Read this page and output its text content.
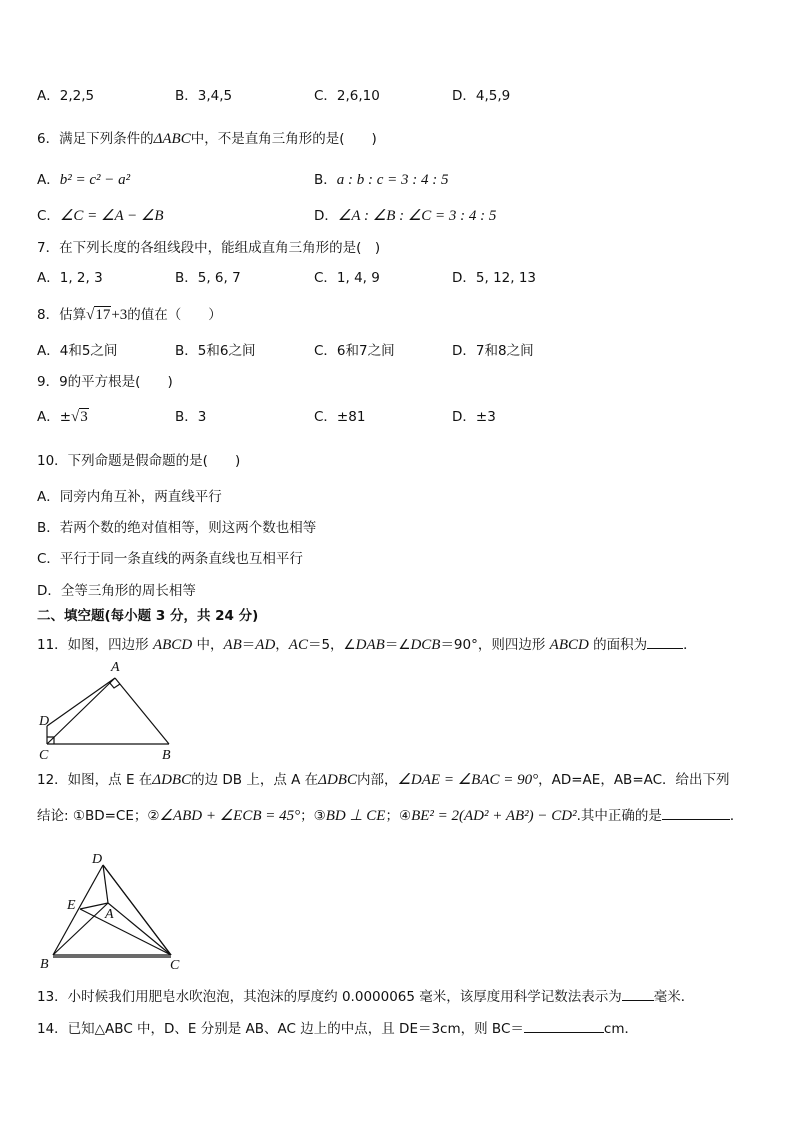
A．2,2,5	B．3,4,5	C．2,6,10	D．4,5,9
6．满足下列条件的ΔABC中，不是直角三角形的是(　　)
A．b² = c² − a²	B．a : b : c = 3 : 4 : 5
C．∠C = ∠A − ∠B	D．∠A : ∠B : ∠C = 3 : 4 : 5
7．在下列长度的各组线段中，能组成直角三角形的是(　)
A．1, 2, 3	B．5, 6, 7	C．1, 4, 9	D．5, 12, 13
8．估算√17+3的值在（　　）
A．4和5之间	B．5和6之间	C．6和7之间	D．7和8之间
9．9的平方根是(　　)
A．±√3	B．3	C．±81	D．±3
10．下列命题是假命题的是(　　)
A．同旁内角互补，两直线平行
B．若两个数的绝对值相等，则这两个数也相等
C．平行于同一条直线的两条直线也互相平行
D．全等三角形的周长相等
二、填空题(每小题 3 分，共 24 分)
11．如图，四边形 ABCD 中，AB＝AD，AC＝5，∠DAB＝∠DCB＝90°，则四边形 ABCD 的面积为	．
A
B
C
D
12．如图，点 E 在ΔDBC的边 DB 上，点 A 在ΔDBC内部，∠DAE = ∠BAC = 90°，AD=AE，AB=AC．给出下列
结论: ①BD=CE；②∠ABD + ∠ECB = 45°；③BD ⊥ CE；④BE² = 2(AD² + AB²) − CD².其中正确的是	．
D
E
A
B	C
13．小时候我们用肥皂水吹泡泡，其泡沫的厚度约 0.0000065 毫米，该厚度用科学记数法表示为 毫米．
14．已知△ABC 中，D、E 分别是 AB、AC 边上的中点，且 DE＝3cm，则 BC＝	cm．
